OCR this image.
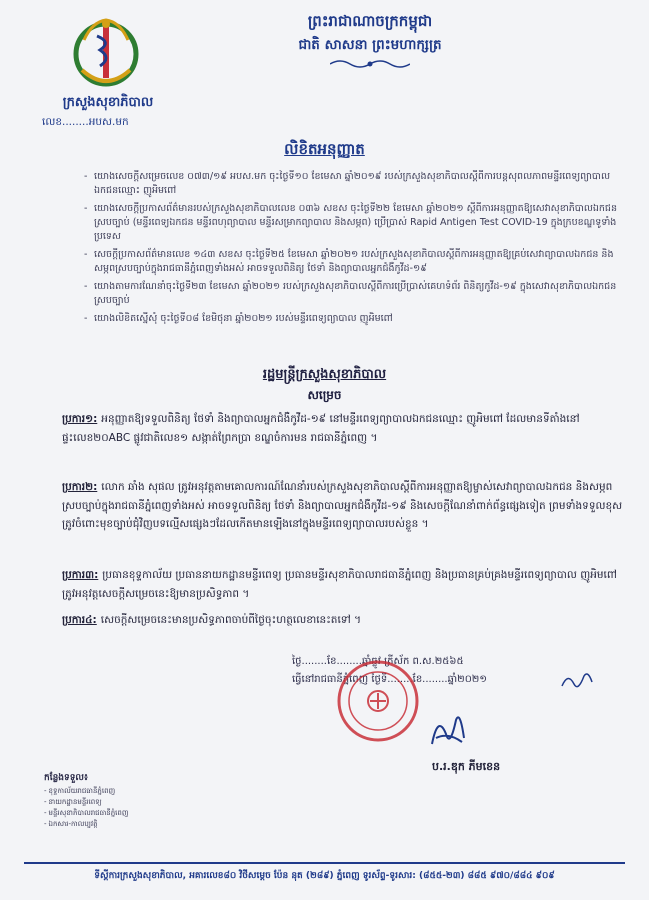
ក្រសួងសុខាភិបាល
លេខ........អបស.មក
ព្រះរាជាណាចក្រកម្ពុជា
ជាតិ សាសនា ព្រះមហាក្សត្រ
លិខិតអនុញ្ញាត
- យោងសេចក្តីសម្រេចលេខ ០៧៣/១៩ អបស.មក ចុះថ្ងៃទី១០ ខែមេសា ឆ្នាំ២០១៩ របស់ក្រសួងសុខាភិបាលស្តីពីការបន្តសុពលភាពមន្ទីរពេទ្យព្យាបាលឯកជនឈ្មោះ ញូអិមពៅ
- យោងសេចក្តីប្រកាសព័ត៌មានរបស់ក្រសួងសុខាភិបាលលេខ ០៣៦ សខស ចុះថ្ងៃទី២២ ខែមេសា ឆ្នាំ២០២១ ស្តីពីការអនុញ្ញាតឱ្យសេវាសុខាភិបាលឯកជនស្របច្បាប់ (មន្ទីរពេទ្យឯកជន មន្ទីរពហុព្យាបាល មន្ទីរសម្រាកព្យាបាល និងសម្ភព) ប្រើប្រាស់ Rapid Antigen Test COVID-19 ក្នុងក្របខណ្ឌទូទាំងប្រទេស
- សេចក្តីប្រកាសព័ត៌មានលេខ ១៤៣ សខស ចុះថ្ងៃទី២៥ ខែមេសា ឆ្នាំ២០២១ របស់ក្រសួងសុខាភិបាលស្តីពីការអនុញ្ញាតឱ្យគ្រប់សេវាព្យាបាលឯកជន និងសម្ភពស្របច្បាប់ក្នុងរាជធានីភ្នំពេញទាំងអស់ អាចទទួលពិនិត្យ ថែទាំ និងព្យាបាលអ្នកជំងឺកូវីដ-១៩
- យោងតាមការណែនាំចុះថ្ងៃទី២៣ ខែមេសា ឆ្នាំ២០២១ របស់ក្រសួងសុខាភិបាលស្តីពីការប្រើប្រាស់គេហទំព័រ ពិនិត្យកូវីដ-១៩ ក្នុងសេវាសុខាភិបាលឯកជនស្របច្បាប់
- យោងលិខិតស្នើសុំ ចុះថ្ងៃទី០៨ ខែមិថុនា ឆ្នាំ២០២១ របស់មន្ទីរពេទ្យព្យាបាល ញូអិមពៅ
រដ្ឋមន្ត្រីក្រសួងសុខាភិបាល
សម្រេច
ប្រការ១: អនុញ្ញាតឱ្យទទួលពិនិត្យ ថែទាំ និងព្យាបាលអ្នកជំងឺកូវីដ-១៩ នៅមន្ទីរពេទ្យព្យាបាលឯកជនឈ្មោះ ញូអិមពៅ ដែលមានទីតាំងនៅផ្ទះលេខ២០ABC ផ្លូវជាតិលេខ១ សង្កាត់ព្រែកប្រា ខណ្ឌចំការមន រាជធានីភ្នំពេញ ។
ប្រការ២: លោក ឆាំង សុផល ត្រូវអនុវត្តតាមគោលការណ៍ណែនាំរបស់ក្រសួងសុខាភិបាលស្តីពីការអនុញ្ញាតឱ្យម្ចាស់សេវាព្យាបាលឯកជន និងសម្ភពស្របច្បាប់ក្នុងរាជធានីភ្នំពេញទាំងអស់ អាចទទួលពិនិត្យ ថែទាំ និងព្យាបាលអ្នកជំងឺកូវីដ-១៩ និងសេចក្តីណែនាំពាក់ព័ន្ធផ្សេងទៀត ព្រមទាំងទទួលខុសត្រូវចំពោះមុខច្បាប់ជុំវិញបទល្មើសផ្សេងៗដែលកើតមានឡើងនៅក្នុងមន្ទីរពេទ្យព្យាបាលរបស់ខ្លួន ។
ប្រការ៣: ប្រធានខុទ្ទកាល័យ ប្រធាននាយកដ្ឋានមន្ទីរពេទ្យ ប្រធានមន្ទីរសុខាភិបាលរាជធានីភ្នំពេញ និងប្រធានគ្រប់គ្រងមន្ទីរពេទ្យព្យាបាល ញូអិមពៅ ត្រូវអនុវត្តសេចក្តីសម្រេចនេះឱ្យមានប្រសិទ្ធភាព ។
ប្រការ៤: សេចក្តីសម្រេចនេះមានប្រសិទ្ធភាពចាប់ពីថ្ងៃចុះហត្ថលេខានេះតទៅ ។
ថ្ងៃ........ខែ........ឆ្នាំឆ្លូវ ត្រីស័ក ព.ស.២៥៦៥
ធ្វើនៅរាជធានីភ្នំពេញ ថ្ងៃទី........ខែ........ឆ្នាំ២០២១
ប.រ.ឌុក ភីមខេន
កន្លែងទទួល៖
- ខុទ្ទកាល័យរាជធានីភ្នំពេញ
- នាយកដ្ឋានមន្ទីរពេទ្យ
- មន្ទីរសុខាភិបាលរាជធានីភ្នំពេញ
- ឯកសារ-កាលប្បវត្តិ
ទីស្តីការក្រសួងសុខាភិបាល, អគារលេខ៨០ វិថីសម្តេច ប៉ែន នុត (២៨៩) ភ្នំពេញ ទូរស័ព្ទ-ទូរសារ: (៨៥៥-២៣) ៨៨៥ ៩៧០/៨៨៤ ៩០៩
